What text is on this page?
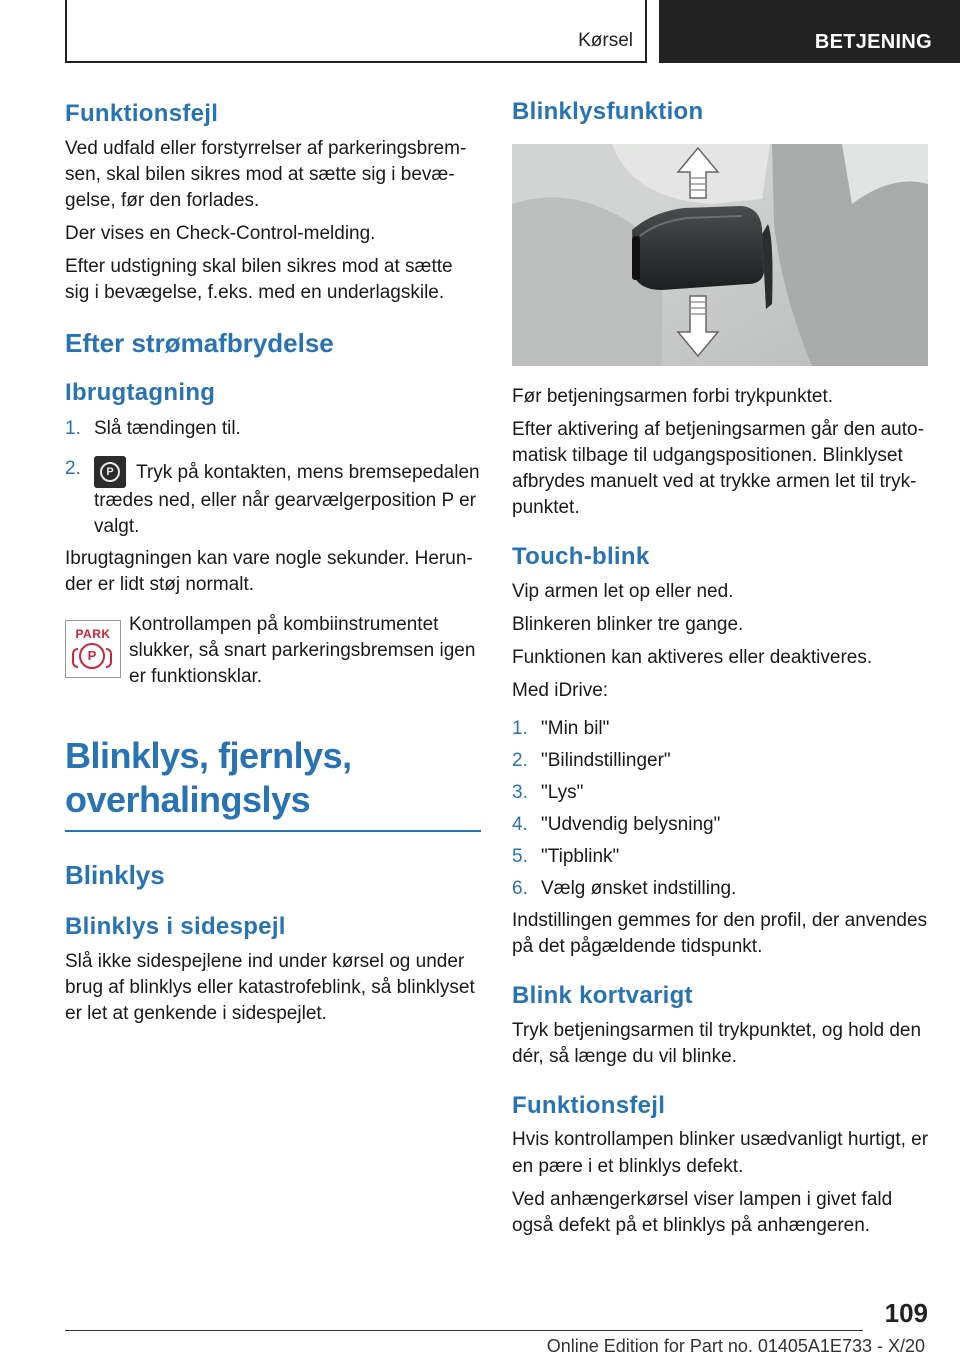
Kørsel	BETJENING
Funktionsfejl

Ved udfald eller forstyrrelser af parkeringsbremsen, skal bilen sikres mod at sætte sig i bevægelse, før den forlades.

Der vises en Check-Control-melding.

Efter udstigning skal bilen sikres mod at sætte sig i bevægelse, f.eks. med en underlagskile.

Efter strømafbrydelse
Ibrugtagning
1. Slå tændingen til.
2.	P	Tryk på kontakten, mens bremsepedalen trædes ned, eller når gearvælgerposition P er valgt.

Ibrugtagningen kan vare nogle sekunder. Herunder er lidt støj normalt.

PARK
P

Kontrollampen på kombiinstrumentet slukker, så snart parkeringsbremsen igen er funktionsklar.

Blinklys, fjernlys, overhalingslys
Blinklys
Blinklys i sidespejl

Slå ikke sidespejlene ind under kørsel og under brug af blinklys eller katastrofeblink, så blinklyset er let at genkende i sidespejlet.

Blinklysfunktion

Før betjeningsarmen forbi trykpunktet.

Efter aktivering af betjeningsarmen går den automatisk tilbage til udgangspositionen. Blinklyset afbrydes manuelt ved at trykke armen let til trykpunktet.

Touch-blink

Vip armen let op eller ned.

Blinkeren blinker tre gange.

Funktionen kan aktiveres eller deaktiveres.

Med iDrive:

1. "Min bil"
2. "Bilindstillinger"
3. "Lys"
4. "Udvendig belysning"
5. "Tipblink"
6. Vælg ønsket indstilling.

Indstillingen gemmes for den profil, der anvendes på det pågældende tidspunkt.

Blink kortvarigt

Tryk betjeningsarmen til trykpunktet, og hold den dér, så længe du vil blinke.

Funktionsfejl

Hvis kontrollampen blinker usædvanligt hurtigt, er en pære i et blinklys defekt.

Ved anhængerkørsel viser lampen i givet fald også defekt på et blinklys på anhængeren.

109
Online Edition for Part no. 01405A1E733 - X/20
